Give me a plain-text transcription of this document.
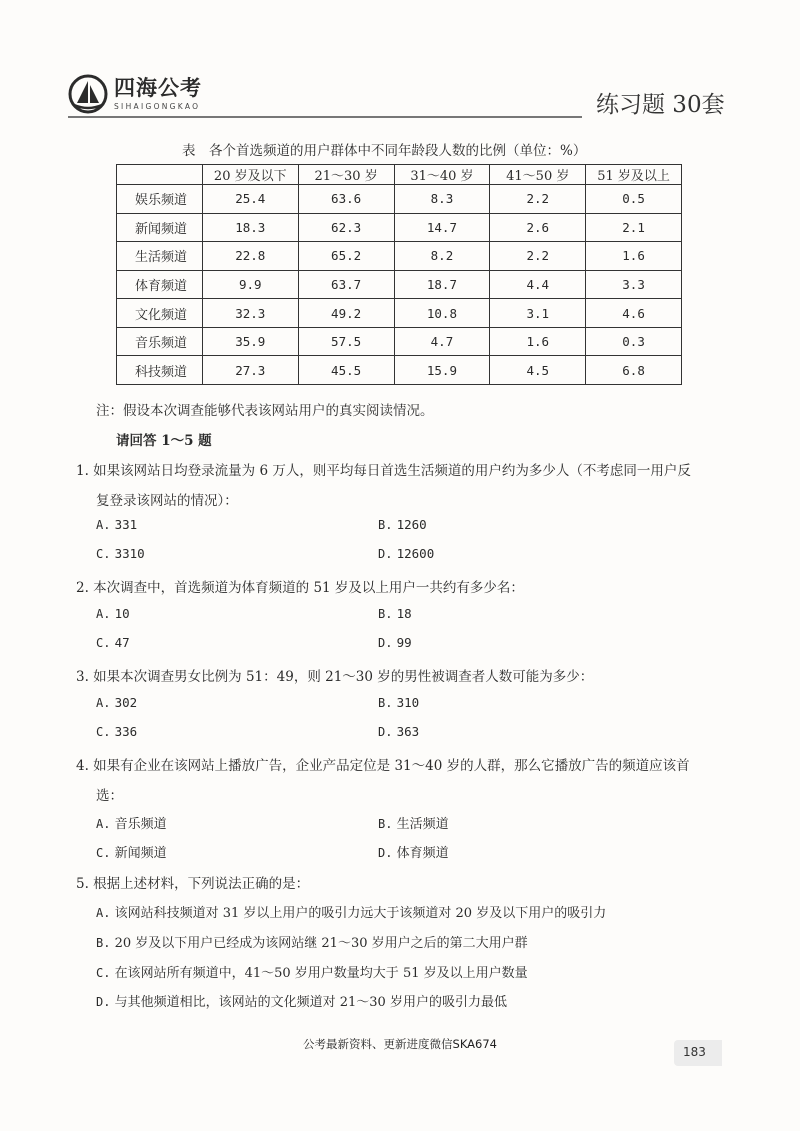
四海公考
SIHAIGONGKAO	练习题 30套
表　各个首选频道的用户群体中不同年龄段人数的比例（单位：%）
	20 岁及以下	21～30 岁	31～40 岁	41～50 岁	51 岁及以上
娱乐频道	25.4	63.6	8.3	2.2	0.5
新闻频道	18.3	62.3	14.7	2.6	2.1
生活频道	22.8	65.2	8.2	2.2	1.6
体育频道	9.9	63.7	18.7	4.4	3.3
文化频道	32.3	49.2	10.8	3.1	4.6
音乐频道	35.9	57.5	4.7	1.6	0.3
科技频道	27.3	45.5	15.9	4.5	6.8
注：假设本次调查能够代表该网站用户的真实阅读情况。
请回答 1～5 题
1. 如果该网站日均登录流量为 6 万人，则平均每日首选生活频道的用户约为多少人（不考虑同一用户反
复登录该网站的情况）：
A. 331	B. 1260
C. 3310	D. 12600
2. 本次调查中，首选频道为体育频道的 51 岁及以上用户一共约有多少名：
A. 10	B. 18
C. 47	D. 99
3. 如果本次调查男女比例为 51：49，则 21～30 岁的男性被调查者人数可能为多少：
A. 302	B. 310
C. 336	D. 363
4. 如果有企业在该网站上播放广告，企业产品定位是 31～40 岁的人群，那么它播放广告的频道应该首
选：
A. 音乐频道	B. 生活频道
C. 新闻频道	D. 体育频道
5. 根据上述材料，下列说法正确的是：
A. 该网站科技频道对 31 岁以上用户的吸引力远大于该频道对 20 岁及以下用户的吸引力
B. 20 岁及以下用户已经成为该网站继 21～30 岁用户之后的第二大用户群
C. 在该网站所有频道中，41～50 岁用户数量均大于 51 岁及以上用户数量
D. 与其他频道相比，该网站的文化频道对 21～30 岁用户的吸引力最低
公考最新资料、更新进度微信SKA674
183
